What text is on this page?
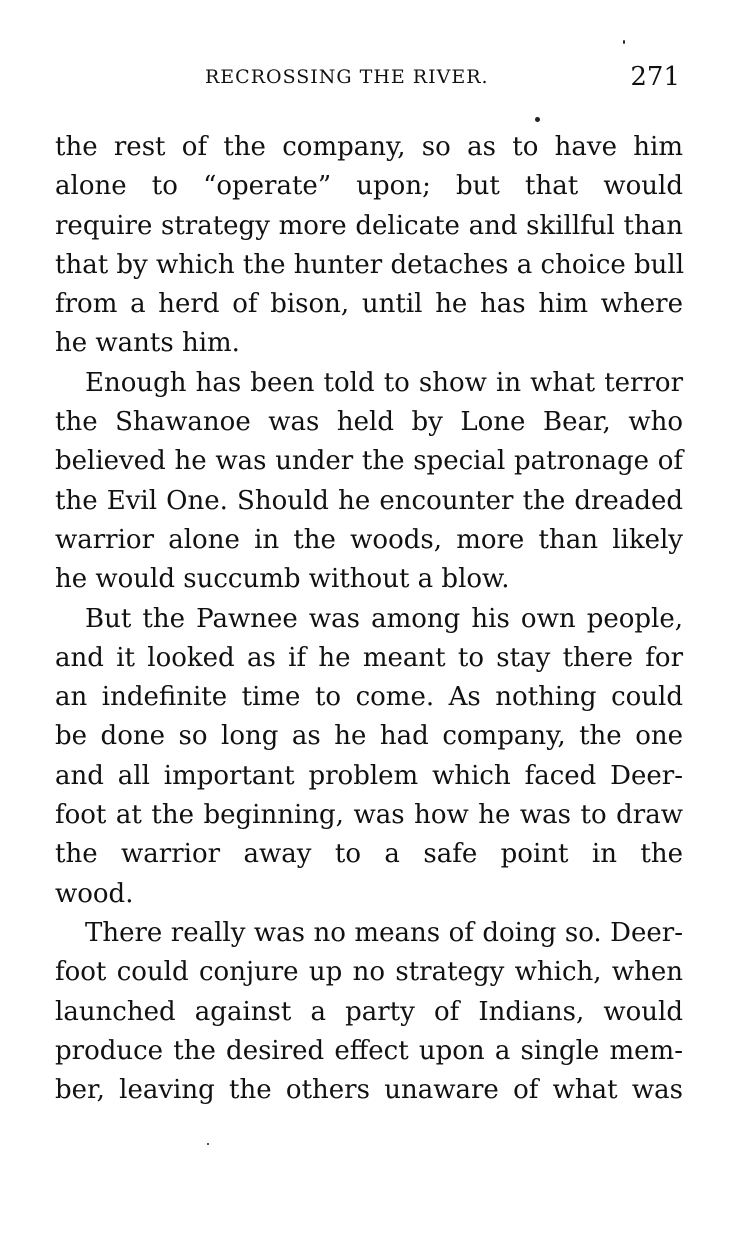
RECROSSING THE RIVER.	271
the rest of the company, so as to have him
alone to “operate” upon; but that would
require strategy more delicate and skillful than
that by which the hunter detaches a choice bull
from a herd of bison, until he has him where
he wants him.
Enough has been told to show in what terror
the Shawanoe was held by Lone Bear, who
believed he was under the special patronage of
the Evil One. Should he encounter the dreaded
warrior alone in the woods, more than likely
he would succumb without a blow.
But the Pawnee was among his own people,
and it looked as if he meant to stay there for
an indefinite time to come. As nothing could
be done so long as he had company, the one
and all important problem which faced Deer-
foot at the beginning, was how he was to draw
the warrior away to a safe point in the
wood.
There really was no means of doing so. Deer-
foot could conjure up no strategy which, when
launched against a party of Indians, would
produce the desired effect upon a single mem-
ber, leaving the others unaware of what was
